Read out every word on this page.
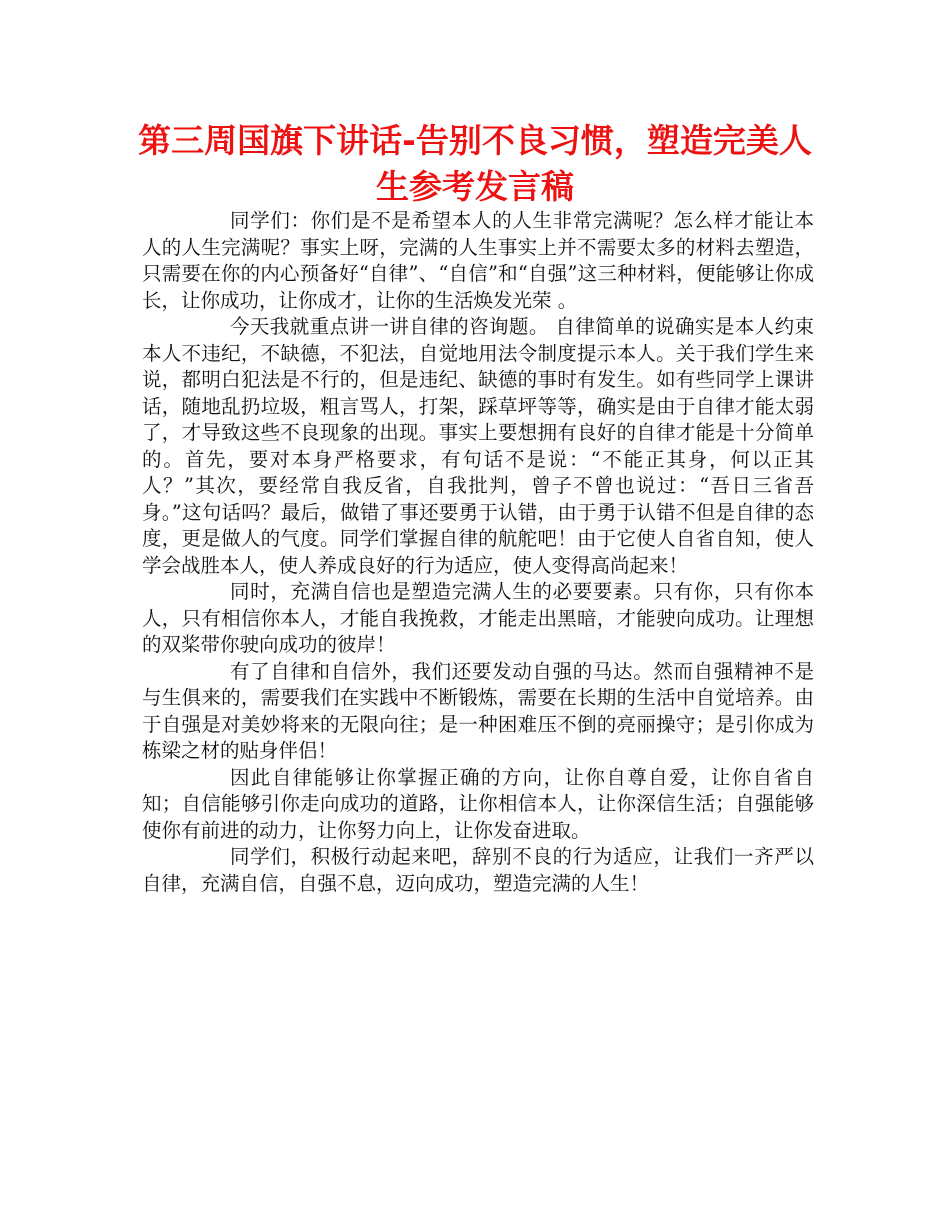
第三周国旗下讲话-告别不良习惯，塑造完美人生参考发言稿

同学们：你们是不是希望本人的人生非常完满呢？怎么样才能让本人的人生完满呢？事实上呀，完满的人生事实上并不需要太多的材料去塑造，只需要在你的内心预备好“自律”、“自信”和“自强”这三种材料，便能够让你成长，让你成功，让你成才，让你的生活焕发光荣 。

今天我就重点讲一讲自律的咨询题。 自律简单的说确实是本人约束本人不违纪，不缺德，不犯法，自觉地用法令制度提示本人。关于我们学生来说，都明白犯法是不行的，但是违纪、缺德的事时有发生。如有些同学上课讲话，随地乱扔垃圾，粗言骂人，打架，踩草坪等等，确实是由于自律才能太弱了，才导致这些不良现象的出现。事实上要想拥有良好的自律才能是十分简单的。首先，要对本身严格要求，有句话不是说：“不能正其身，何以正其人？”其次，要经常自我反省，自我批判，曾子不曾也说过：“吾日三省吾身。”这句话吗？最后，做错了事还要勇于认错，由于勇于认错不但是自律的态度，更是做人的气度。同学们掌握自律的航舵吧！由于它使人自省自知，使人学会战胜本人，使人养成良好的行为适应，使人变得高尚起来！

同时，充满自信也是塑造完满人生的必要要素。只有你，只有你本人，只有相信你本人，才能自我挽救，才能走出黑暗，才能驶向成功。让理想的双桨带你驶向成功的彼岸！

有了自律和自信外，我们还要发动自强的马达。然而自强精神不是与生俱来的，需要我们在实践中不断锻炼，需要在长期的生活中自觉培养。由于自强是对美妙将来的无限向往；是一种困难压不倒的亮丽操守；是引你成为栋梁之材的贴身伴侣！

因此自律能够让你掌握正确的方向，让你自尊自爱，让你自省自知；自信能够引你走向成功的道路，让你相信本人，让你深信生活；自强能够使你有前进的动力，让你努力向上，让你发奋进取。

同学们，积极行动起来吧，辞别不良的行为适应，让我们一齐严以自律，充满自信，自强不息，迈向成功，塑造完满的人生！
